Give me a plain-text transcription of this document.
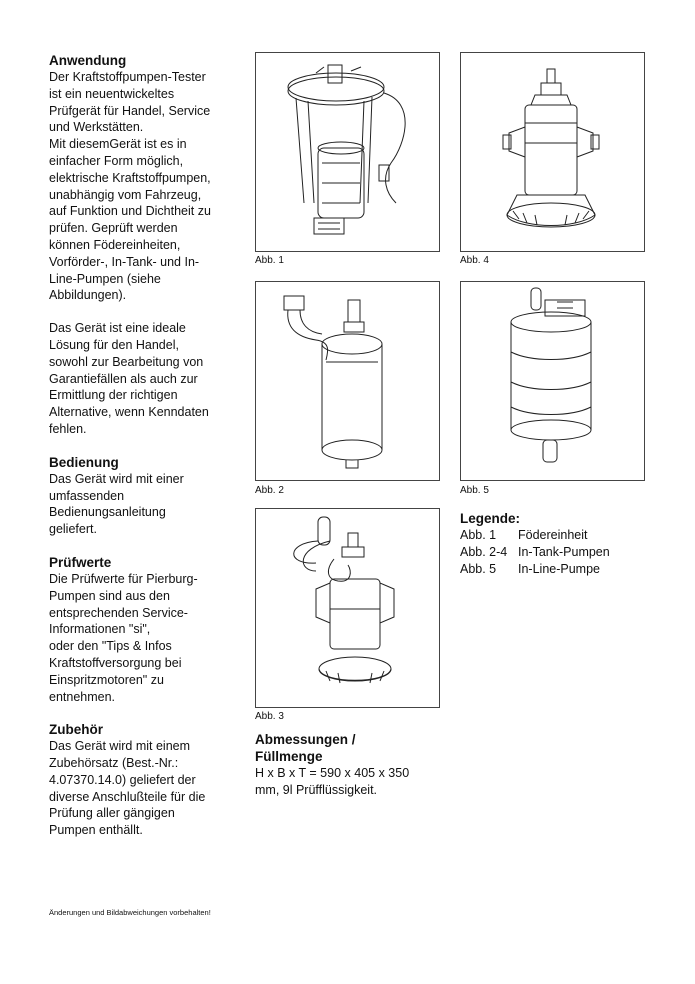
Anwendung

Der Kraftstoffpumpen-Tester
ist ein neuentwickeltes
Prüfgerät für Handel, Service
und Werkstätten.
Mit diesemGerät ist es in
einfacher Form möglich,
elektrische Kraftstoffpumpen,
unabhängig vom Fahrzeug,
auf Funktion und Dichtheit zu
prüfen. Geprüft werden
können Födereinheiten,
Vorförder-, In-Tank- und In-
Line-Pumpen (siehe
Abbildungen).

Das Gerät ist eine ideale
Lösung für den Handel,
sowohl zur Bearbeitung von
Garantiefällen als auch zur
Ermittlung der richtigen
Alternative, wenn Kenndaten
fehlen.

Bedienung

Das Gerät wird mit einer
umfassenden
Bedienungsanleitung
geliefert.

Prüfwerte

Die Prüfwerte für Pierburg-
Pumpen sind aus den
entsprechenden Service-
Informationen "si",
oder den "Tips & Infos
Kraftstoffversorgung bei
Einspritzmotoren" zu
entnehmen.

Zubehör

Das Gerät wird mit einem
Zubehörsatz (Best.-Nr.:
4.07370.14.0) geliefert der
diverse Anschlußteile für die
Prüfung aller gängigen
Pumpen enthällt.

Abb. 1	Abb. 4
Abb. 2	Abb. 5
Abb. 3
Abmessungen /
Füllmenge

H x B x T = 590 x 405 x 350
mm, 9l Prüfflüssigkeit.

Legende:
Abb. 1	Födereinheit
Abb. 2-4	In-Tank-Pumpen
Abb. 5	In-Line-Pumpe
Änderungen und Bildabweichungen vorbehalten!
